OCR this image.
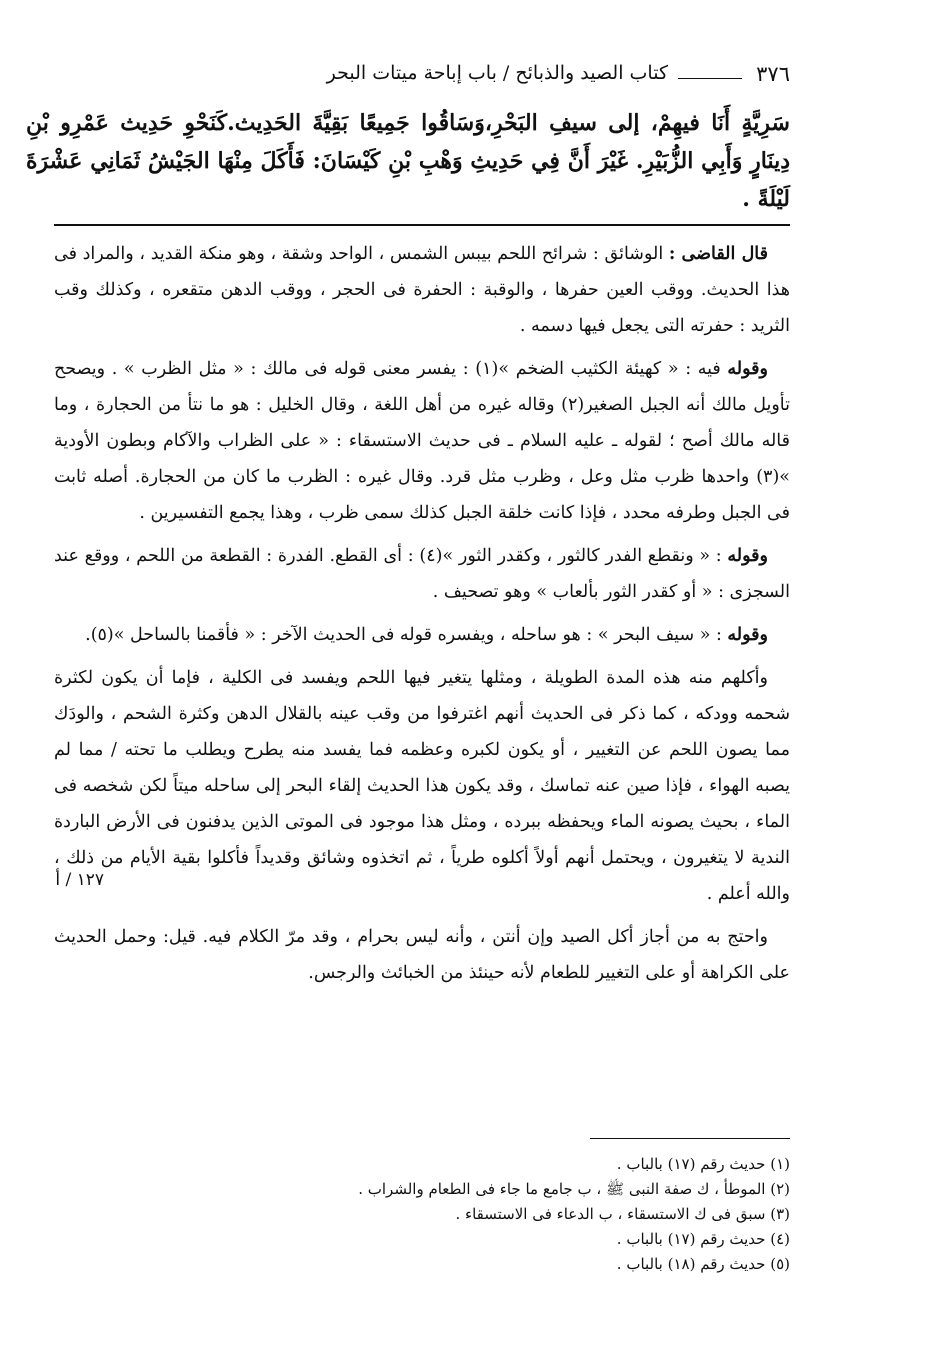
٣٧٦
كتاب الصيد والذبائح / باب إباحة ميتات البحر
سَرِيَّةٍ أَنَا فيهِمْ، إلى سيفِ البَحْرِ،وَسَاقُوا جَمِيعًا بَقِيَّةَ الحَدِيث.كَنَحْوِ حَدِيث عَمْرِو بْنِ دِينَارٍ وَأَبِي الزُّبَيْرِ. غَيْرَ أَنَّ فِي حَدِيثِ وَهْبِ بْنِ كَيْسَانَ: فَأَكَلَ مِنْهَا الجَيْشُ ثَمَانِي عَشْرَةَ لَيْلَةً .

قال القاضى : الوشائق : شرائح اللحم بيبس الشمس ، الواحد وشقة ، وهو منكة القديد ، والمراد فى هذا الحديث. ووقب العين حفرها ، والوقبة : الحفرة فى الحجر ، ووقب الدهن متقعره ، وكذلك وقب الثريد : حفرته التى يجعل فيها دسمه .

وقوله فيه : « كهيئة الكثيب الضخم »(١) : يفسر معنى قوله فى مالك : « مثل الظرب » . ويصحح تأويل مالك أنه الجبل الصغير(٢) وقاله غيره من أهل اللغة ، وقال الخليل : هو ما نتأ من الحجارة ، وما قاله مالك أصح ؛ لقوله ـ عليه السلام ـ فى حديث الاستسقاء : « على الظراب والآكام وبطون الأودية »(٣) واحدها ظرب مثل وعل ، وظرب مثل قرد. وقال غيره : الظرب ما كان من الحجارة. أصله ثابت فى الجبل وطرفه محدد ، فإذا كانت خلقة الجبل كذلك سمى ظرب ، وهذا يجمع التفسيرين .

وقوله : « ونقطع الفدر كالثور ، وكقدر الثور »(٤) : أى القطع. الفدرة : القطعة من اللحم ، ووقع عند السجزى : « أو كقدر الثور بألعاب » وهو تصحيف .

وقوله : « سيف البحر » : هو ساحله ، ويفسره قوله فى الحديث الآخر : « فأقمنا بالساحل »(٥).

وأكلهم منه هذه المدة الطويلة ، ومثلها يتغير فيها اللحم ويفسد فى الكلية ، فإما أن يكون لكثرة شحمه وودكه ، كما ذكر فى الحديث أنهم اغترفوا من وقب عينه بالقلال الدهن وكثرة الشحم ، والودَك مما يصون اللحم عن التغيير ، أو يكون لكبره وعظمه فما يفسد منه يطرح ويطلب ما تحته / مما لم يصبه الهواء ، فإذا صين عنه تماسك ، وقد يكون هذا الحديث إلقاء البحر إلى ساحله ميتاً لكن شخصه فى الماء ، بحيث يصونه الماء ويحفظه ببرده ، ومثل هذا موجود فى الموتى الذين يدفنون فى الأرض الباردة الندية لا يتغيرون ، ويحتمل أنهم أولاً أكلوه طرياً ، ثم اتخذوه وشائق وقديداً فأكلوا بقية الأيام من ذلك ، والله أعلم .

واحتج به من أجاز أكل الصيد وإن أنتن ، وأنه ليس بحرام ، وقد مرّ الكلام فيه. قيل: وحمل الحديث على الكراهة أو على التغيير للطعام لأنه حينئذ من الخبائث والرجس.

١٢٧ / أ
(١) حديث رقم (١٧) بالباب .
(٢) الموطأ ، ك صفة النبى ﷺ ، ب جامع ما جاء فى الطعام والشراب .
(٣) سبق فى ك الاستسقاء ، ب الدعاء فى الاستسقاء .
(٤) حديث رقم (١٧) بالباب .
(٥) حديث رقم (١٨) بالباب .
